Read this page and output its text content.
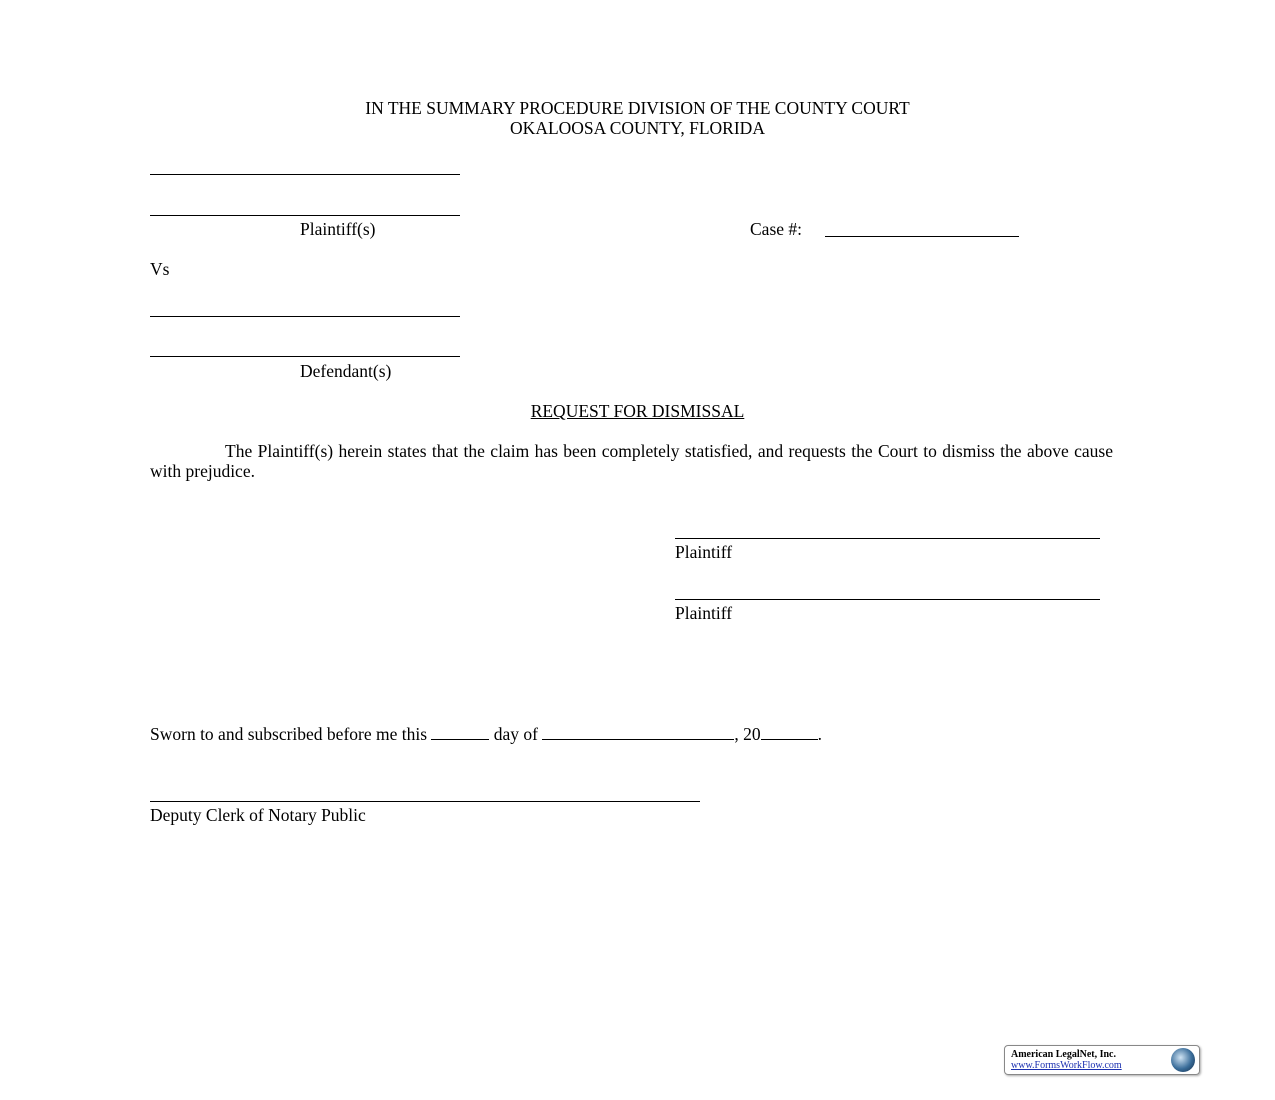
IN THE SUMMARY PROCEDURE DIVISION OF THE COUNTY COURT
OKALOOSA COUNTY, FLORIDA
Plaintiff(s)	Case #:
Vs
Defendant(s)
REQUEST FOR DISMISSAL
The Plaintiff(s) herein states that the claim has been completely statisfied, and requests the Court to dismiss the above cause with prejudice.
Plaintiff
Plaintiff
Sworn to and subscribed before me this	day of	, 20	.
Deputy Clerk of Notary Public
American LegalNet, Inc.
www.FormsWorkFlow.com
